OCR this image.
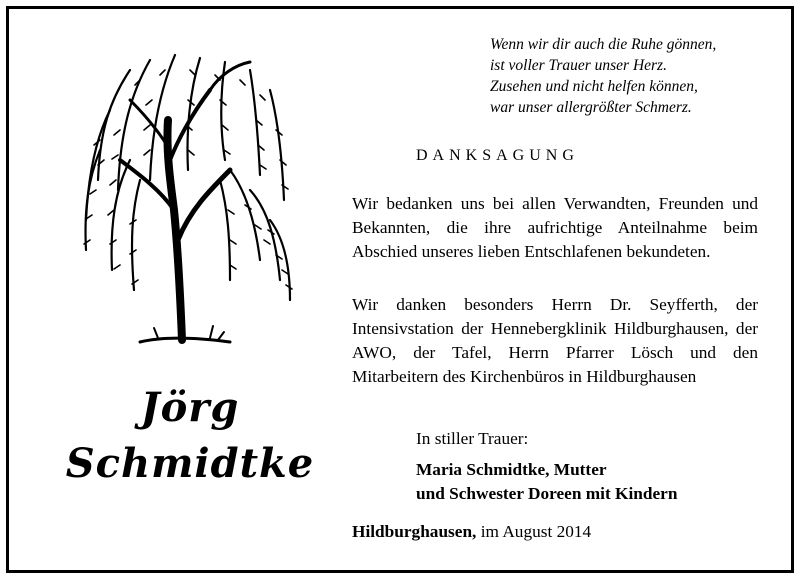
Wenn wir dir auch die Ruhe gönnen,
ist voller Trauer unser Herz.
Zusehen und nicht helfen können,
war unser allergrößter Schmerz.
DANKSAGUNG
Wir bedanken uns bei allen Verwandten, Freunden und Bekannten, die ihre aufrichtige Anteilnahme beim Abschied unseres lieben Entschlafenen bekundeten.
Wir danken besonders Herrn Dr. Seyfferth, der Intensivstation der Hennebergklinik Hildburghausen, der AWO, der Tafel, Herrn Pfarrer Lösch und den Mitarbeitern des Kirchenbüros in Hildburghausen
In stiller Trauer:
Maria Schmidtke, Mutter
und Schwester Doreen mit Kindern
Hildburghausen, im August 2014
Jörg
Schmidtke
